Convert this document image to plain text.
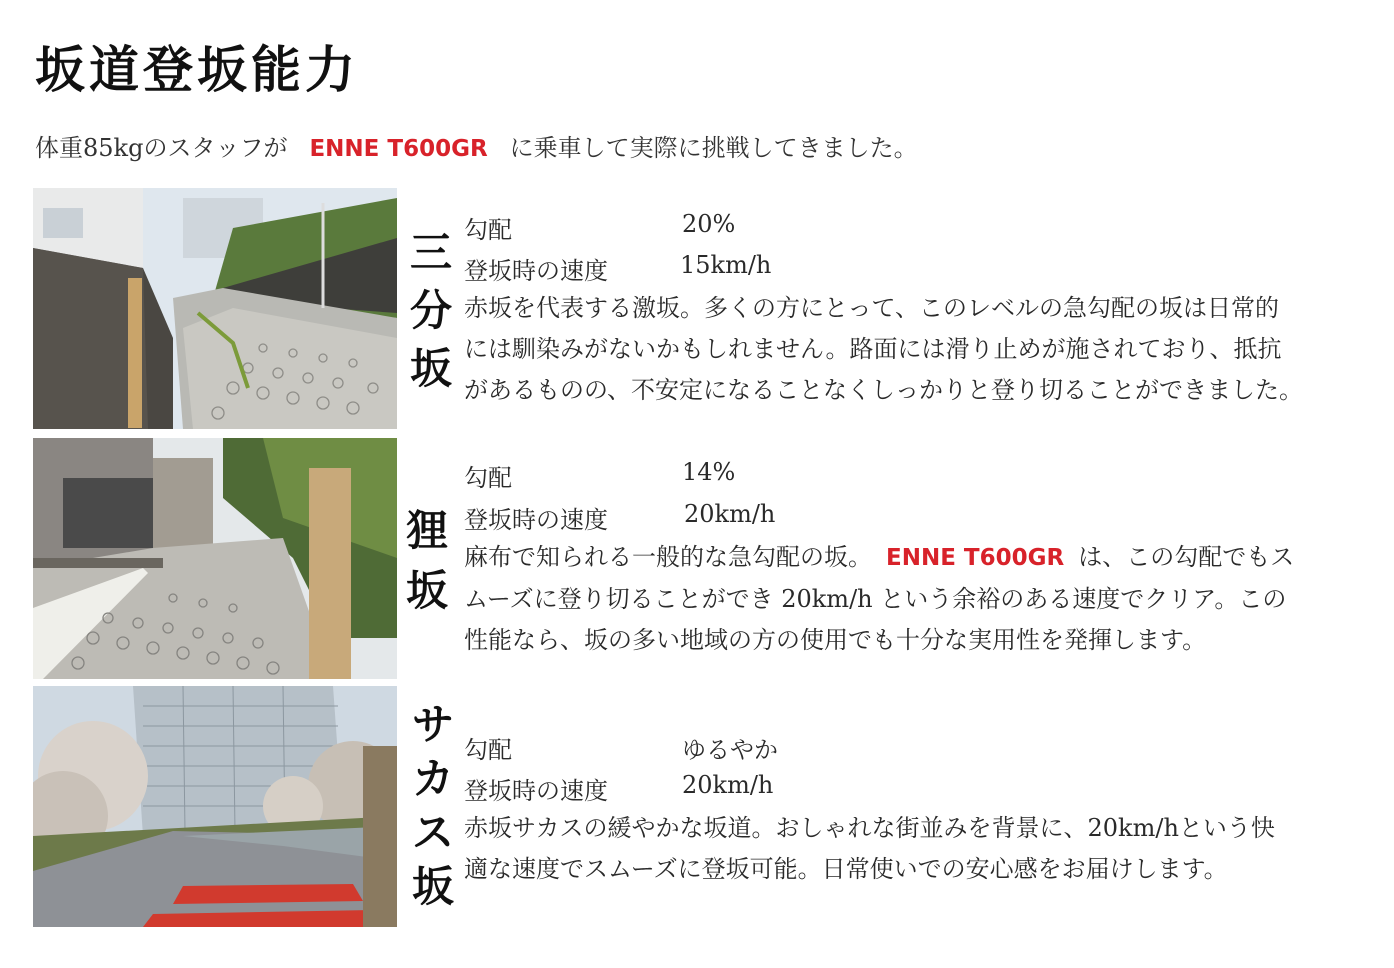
坂道登坂能力
体重85kgのスタッフが ENNE T600GR に乗車して実際に挑戦してきました。
三
分
坂
勾配	20%
登坂時の速度	15km/h
赤坂を代表する激坂。多くの方にとって、このレベルの急勾配の坂は日常的
には馴染みがないかもしれません。路面には滑り止めが施されており、抵抗
があるものの、不安定になることなくしっかりと登り切ることができました。
狸
坂
勾配	14%
登坂時の速度	20km/h
麻布で知られる一般的な急勾配の坂。 ENNE T600GR は、この勾配でもス
ムーズに登り切ることができ 20km/h という余裕のある速度でクリア。この
性能なら、坂の多い地域の方の使用でも十分な実用性を発揮します。
サ
カ
ス
坂
勾配	ゆるやか
登坂時の速度	20km/h
赤坂サカスの緩やかな坂道。おしゃれな街並みを背景に、20km/hという快
適な速度でスムーズに登坂可能。日常使いでの安心感をお届けします。
